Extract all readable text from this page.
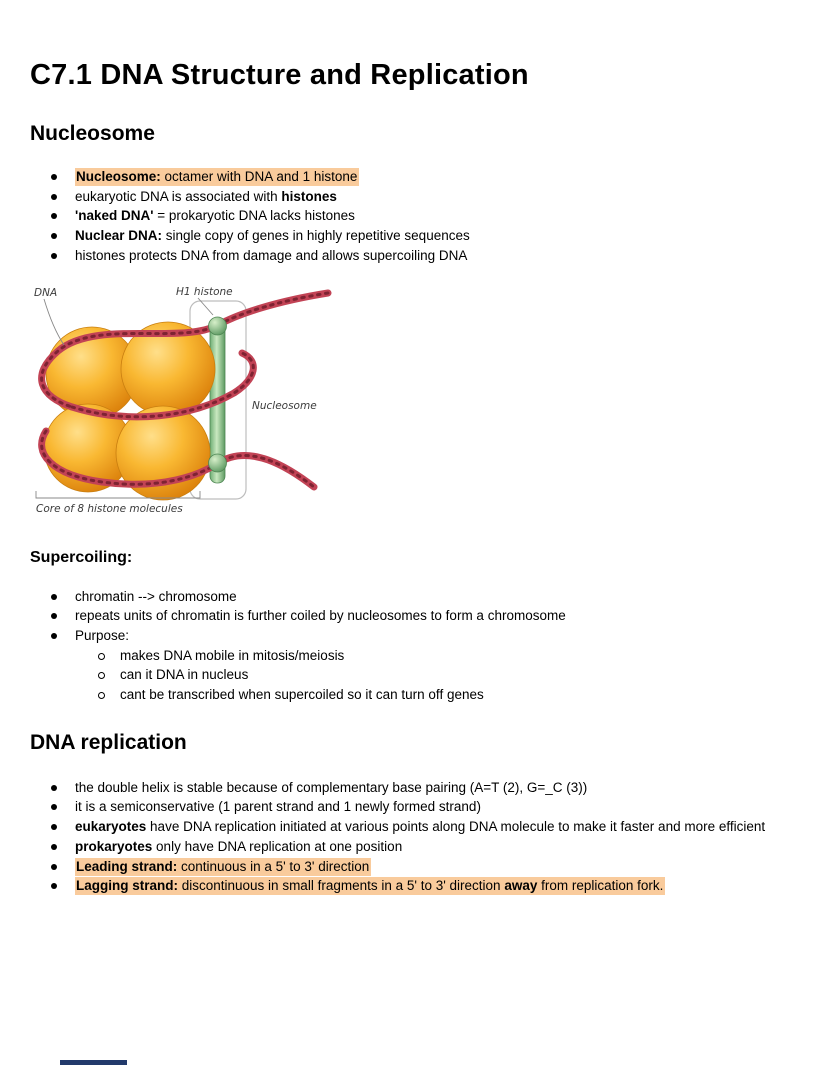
C7.1 DNA Structure and Replication
Nucleosome
Nucleosome: octamer with DNA and 1 histone
eukaryotic DNA is associated with histones
'naked DNA' = prokaryotic DNA lacks histones
Nuclear DNA: single copy of genes in highly repetitive sequences
histones protects DNA from damage and allows supercoiling DNA
DNA	H1 histone
Nucleosome
Core of 8 histone molecules
Supercoiling:
chromatin --> chromosome
repeats units of chromatin is further coiled by nucleosomes to form a chromosome
Purpose:
makes DNA mobile in mitosis/meiosis
can it DNA in nucleus
cant be transcribed when supercoiled so it can turn off genes
DNA replication
the double helix is stable because of complementary base pairing (A=T (2), G=_C (3))
it is a semiconservative (1 parent strand and 1 newly formed strand)
eukaryotes have DNA replication initiated at various points along DNA molecule to make it faster and more efficient
prokaryotes only have DNA replication at one position
Leading strand: continuous in a 5' to 3' direction
Lagging strand: discontinuous in small fragments in a 5' to 3' direction away from replication fork.
